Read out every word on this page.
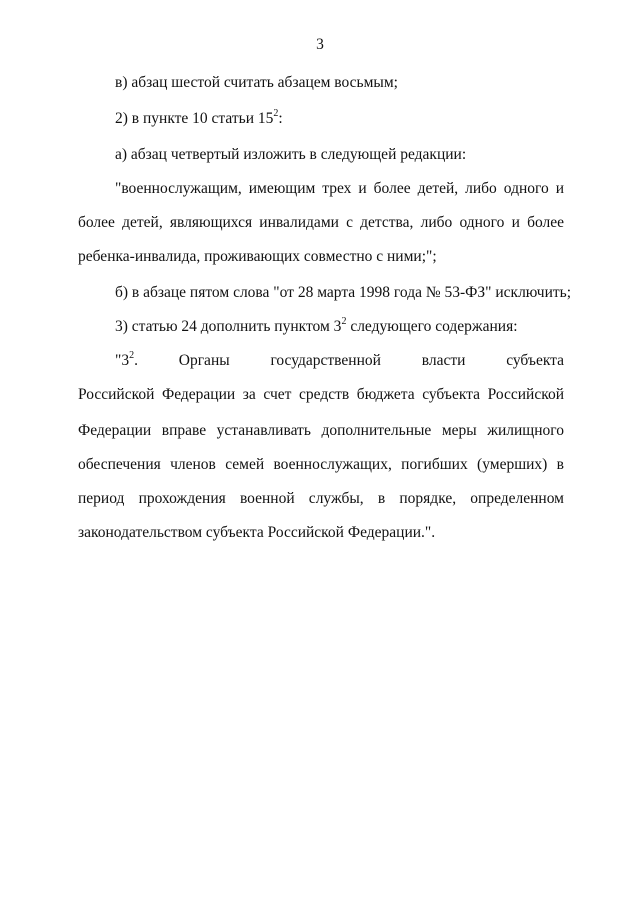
3
в) абзац шестой считать абзацем восьмым;
2) в пункте 10 статьи $15^2$:
а) абзац четвертый изложить в следующей редакции:
"военнослужащим, имеющим трех и более детей, либо одного и
более детей, являющихся инвалидами с детства, либо одного и более
ребенка-инвалида, проживающих совместно с ними;";
б) в абзаце пятом слова "от 28 марта 1998 года № 53-ФЗ" исключить;
3) статью 24 дополнить пунктом $3^2$ следующего содержания:
"$3^2$ . Органы государственной власти субъекта
Российской Федерации за счет средств бюджета субъекта Российской
Федерации вправе устанавливать дополнительные меры жилищного
обеспечения членов семей военнослужащих, погибших (умерших) в
период прохождения военной службы, в порядке, определенном
законодательством субъекта Российской Федерации.".
